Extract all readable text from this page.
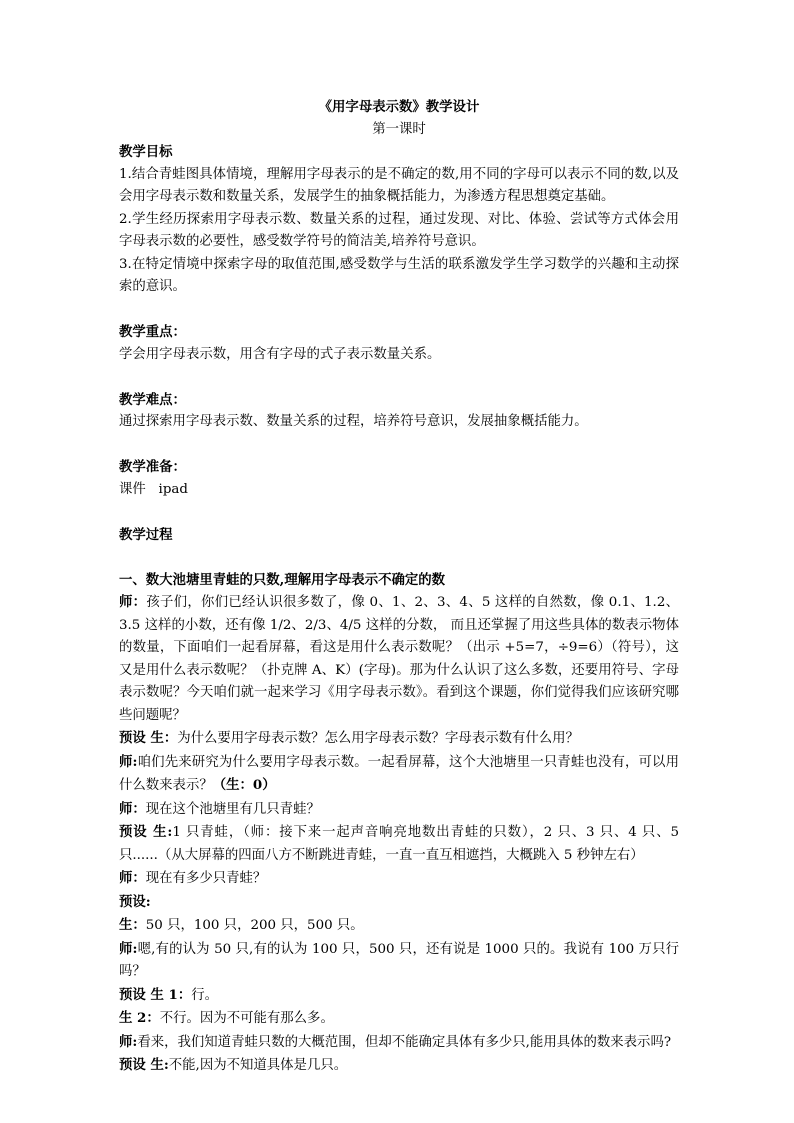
《用字母表示数》教学设计
第一课时
教学目标
1.结合青蛙图具体情境，理解用字母表示的是不确定的数,用不同的字母可以表示不同的数,以及会用字母表示数和数量关系，发展学生的抽象概括能力，为渗透方程思想奠定基础。
2.学生经历探索用字母表示数、数量关系的过程，通过发现、对比、体验、尝试等方式体会用字母表示数的必要性，感受数学符号的简洁美,培养符号意识。
3.在特定情境中探索字母的取值范围,感受数学与生活的联系激发学生学习数学的兴趣和主动探索的意识。
教学重点：
学会用字母表示数，用含有字母的式子表示数量关系。
教学难点：
通过探索用字母表示数、数量关系的过程，培养符号意识，发展抽象概括能力。
教学准备：
课件   ipad
教学过程
一、数大池塘里青蛙的只数,理解用字母表示不确定的数
师：孩子们，你们已经认识很多数了，像 0、1、2、3、4、5 这样的自然数，像 0.1、1.2、3.5 这样的小数，还有像 1/2、2/3、4/5 这样的分数， 而且还掌握了用这些具体的数表示物体的数量，下面咱们一起看屏幕，看这是用什么表示数呢？（出示 +5=7，÷9=6）（符号），这又是用什么表示数呢？（扑克牌 A、K）(字母)。那为什么认识了这么多数，还要用符号、字母表示数呢？今天咱们就一起来学习《用字母表示数》。看到这个课题，你们觉得我们应该研究哪些问题呢？
预设 生：为什么要用字母表示数？怎么用字母表示数？字母表示数有什么用？
师:咱们先来研究为什么要用字母表示数。一起看屏幕，这个大池塘里一只青蛙也没有，可以用什么数来表示？（生：0）
师：现在这个池塘里有几只青蛙？
预设 生:1 只青蛙，（师：接下来一起声音响亮地数出青蛙的只数），2 只、3 只、4 只、5 只......（从大屏幕的四面八方不断跳进青蛙，一直一直互相遮挡，大概跳入 5 秒钟左右）
师：现在有多少只青蛙？
预设:
生：50 只，100 只，200 只，500 只。
师:嗯,有的认为 50 只,有的认为 100 只，500 只，还有说是 1000 只的。我说有 100 万只行吗？
预设 生 1：行。
生 2：不行。因为不可能有那么多。
师:看来，我们知道青蛙只数的大概范围，但却不能确定具体有多少只,能用具体的数来表示吗?
预设 生:不能,因为不知道具体是几只。
